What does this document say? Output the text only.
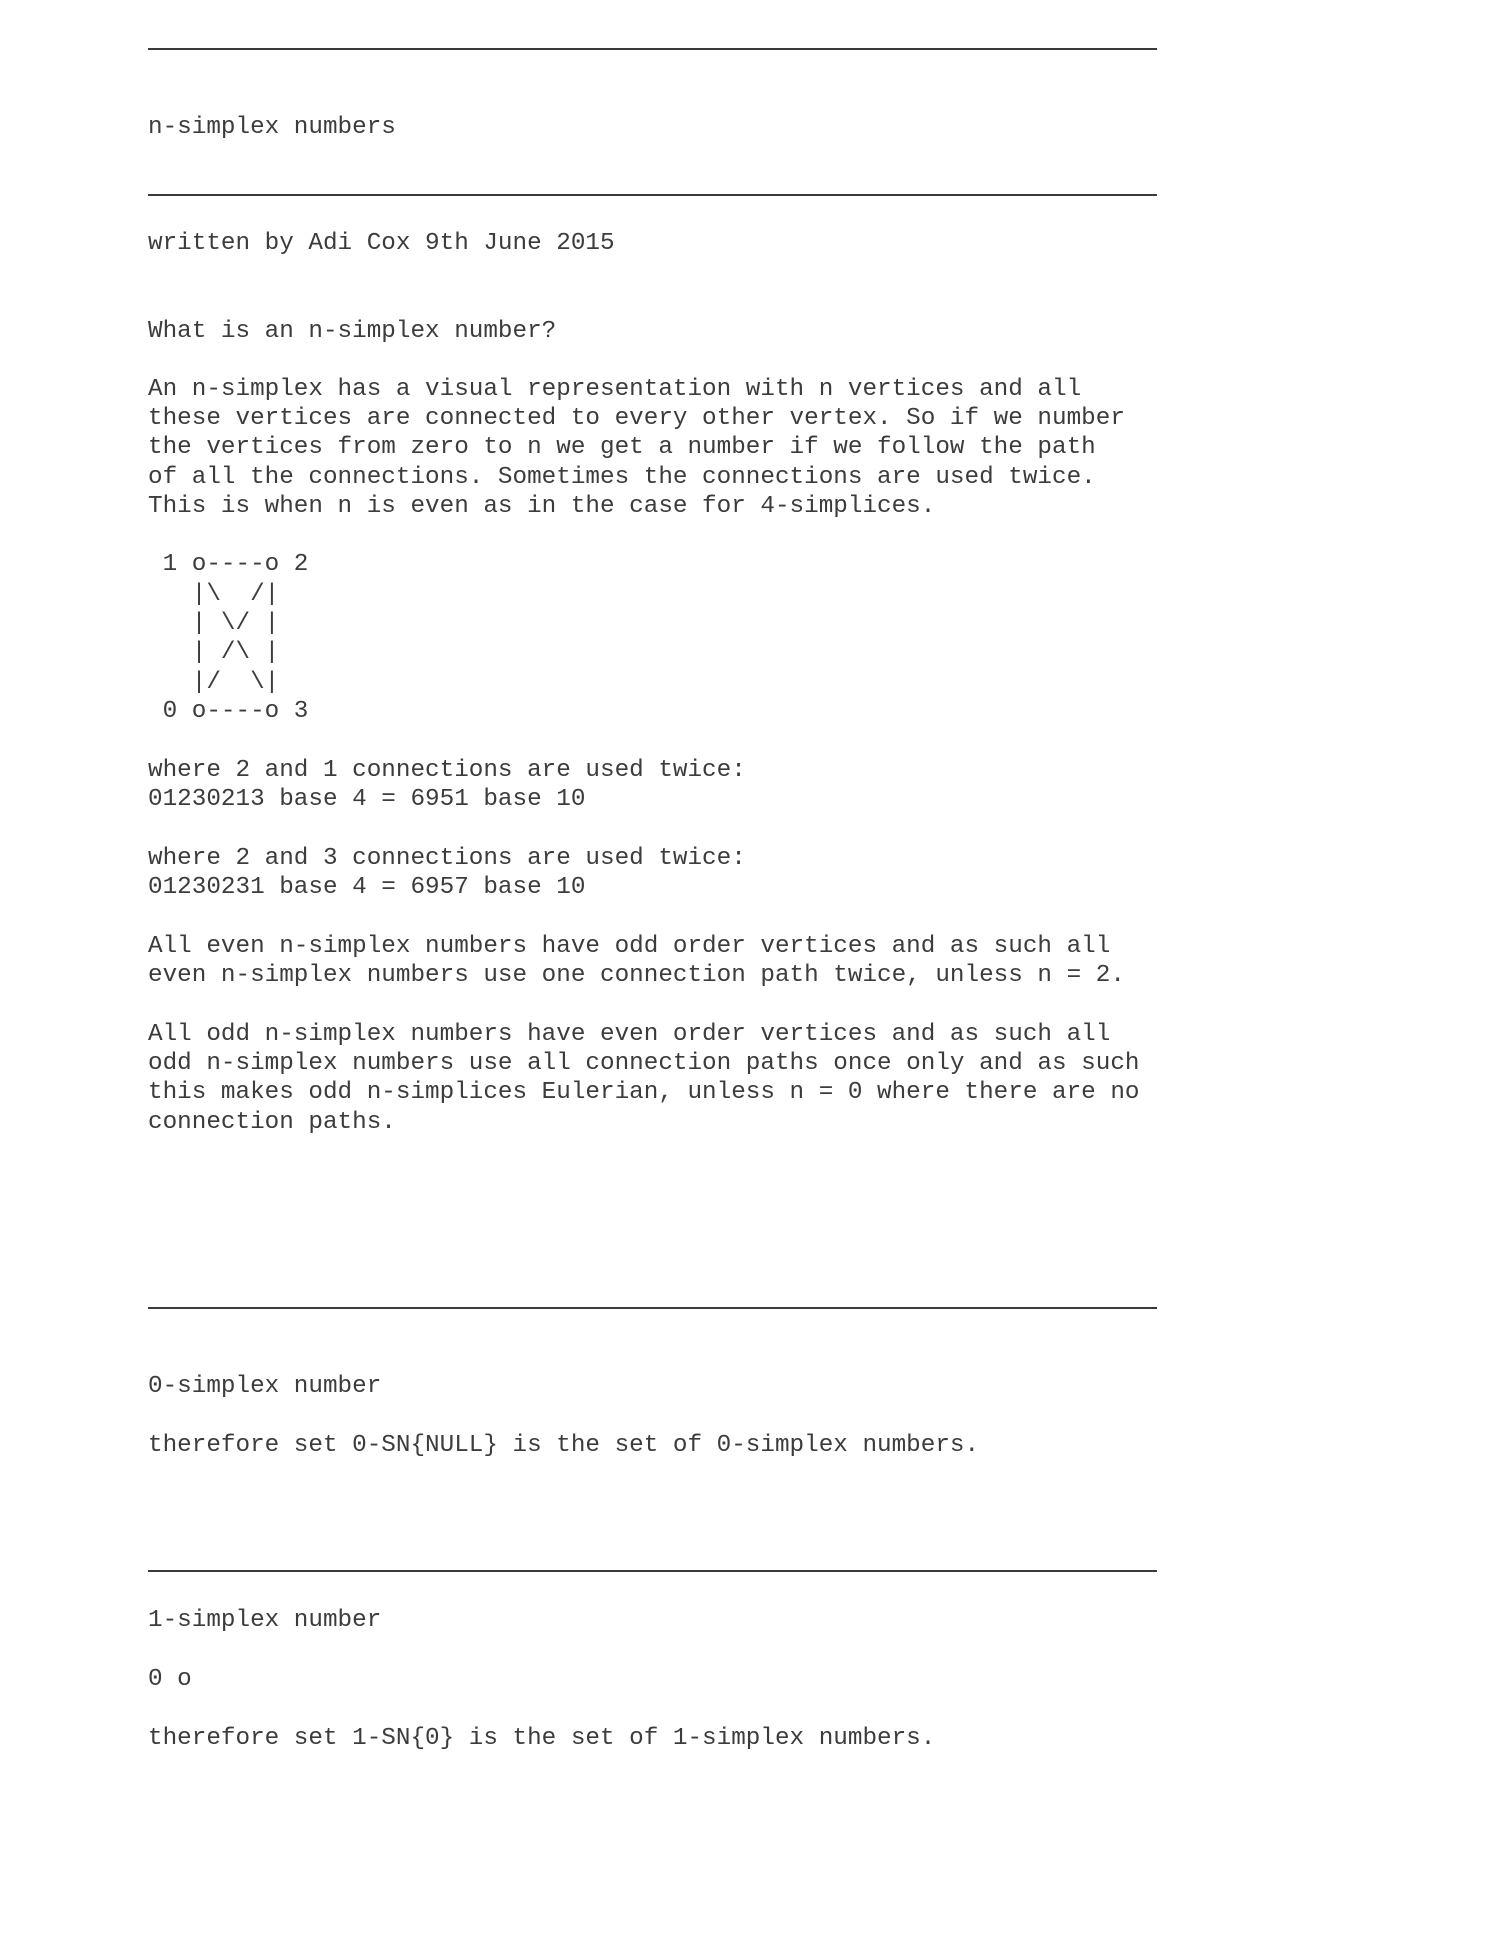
n-simplex numbers

written by Adi Cox 9th June 2015

What is an n-simplex number?

An n-simplex has a visual representation with n vertices and all

these vertices are connected to every other vertex. So if we number

the vertices from zero to n we get a number if we follow the path

of all the connections. Sometimes the connections are used twice.

This is when n is even as in the case for 4-simplices.

1 o----o 2

|\  /|

| \/ |

| /\ |

|/  \|

0 o----o 3

where 2 and 1 connections are used twice:

01230213 base 4 = 6951 base 10

where 2 and 3 connections are used twice:

01230231 base 4 = 6957 base 10

All even n-simplex numbers have odd order vertices and as such all

even n-simplex numbers use one connection path twice, unless n = 2.

All odd n-simplex numbers have even order vertices and as such all

odd n-simplex numbers use all connection paths once only and as such

this makes odd n-simplices Eulerian, unless n = 0 where there are no

connection paths.

0-simplex number

therefore set 0-SN{NULL} is the set of 0-simplex numbers.

1-simplex number

0 o

therefore set 1-SN{0} is the set of 1-simplex numbers.
